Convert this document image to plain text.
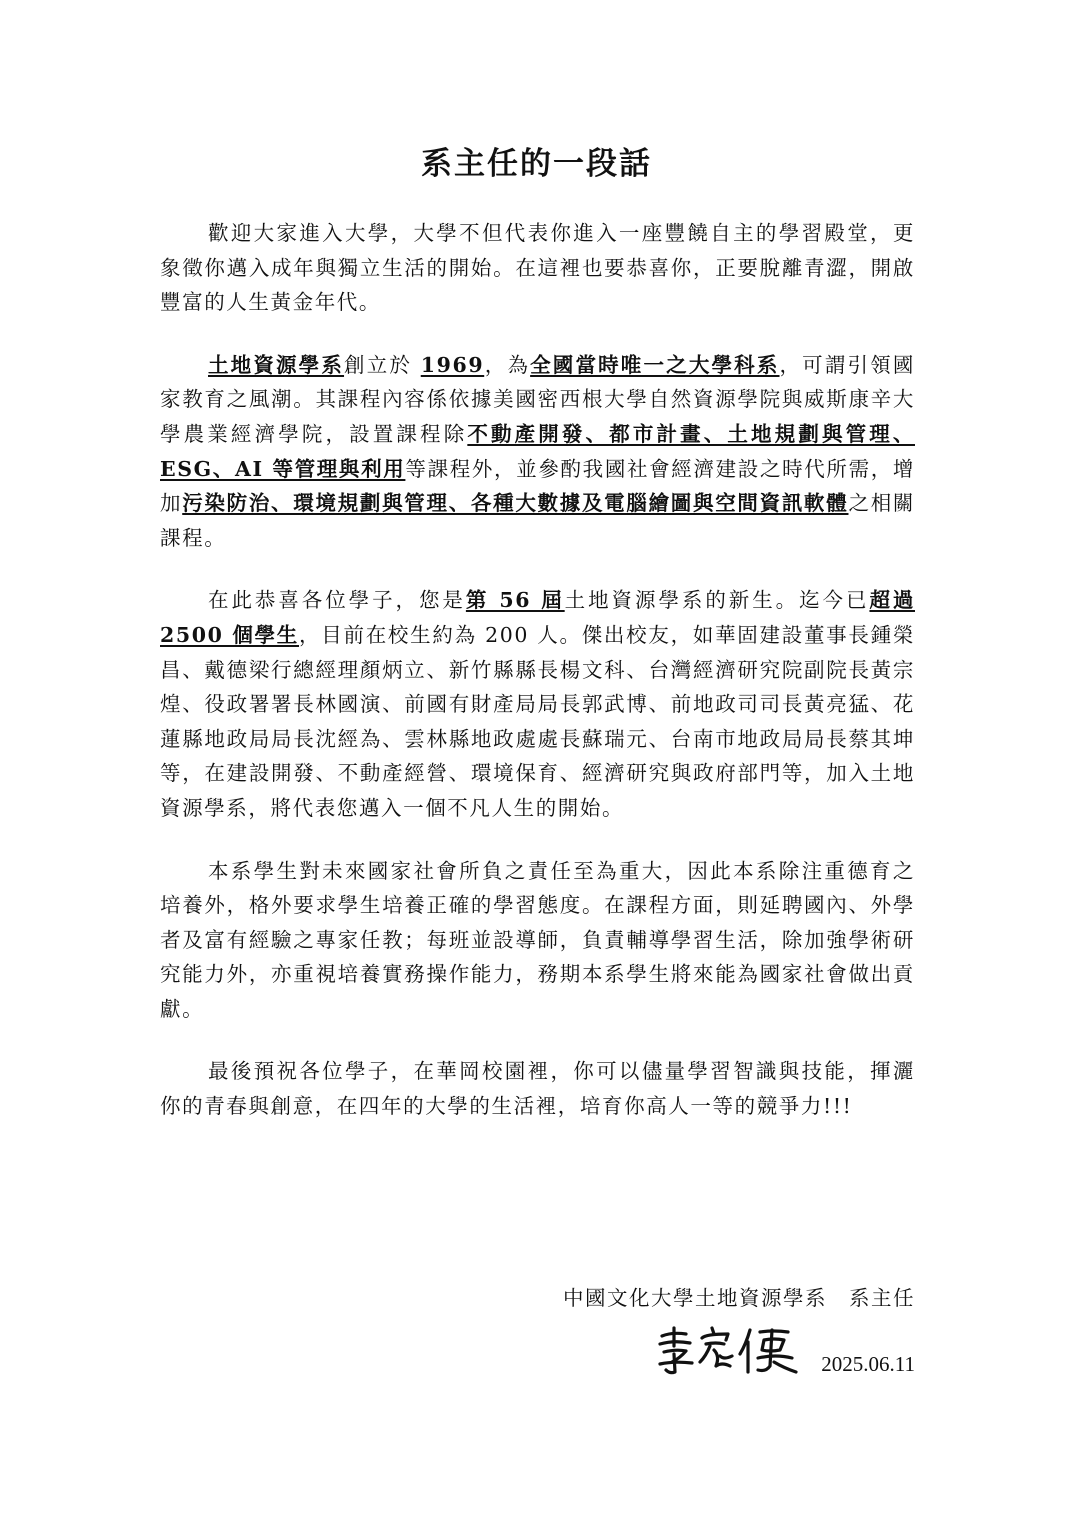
系主任的一段話

歡迎大家進入大學，大學不但代表你進入一座豐饒自主的學習殿堂，更象徵你邁入成年與獨立生活的開始。在這裡也要恭喜你，正要脫離青澀，開啟豐富的人生黃金年代。

土地資源學系創立於 1969，為全國當時唯一之大學科系，可謂引領國家教育之風潮。其課程內容係依據美國密西根大學自然資源學院與威斯康辛大學農業經濟學院，設置課程除不動產開發、都市計畫、土地規劃與管理、ESG、AI 等管理與利用等課程外，並參酌我國社會經濟建設之時代所需，增加污染防治、環境規劃與管理、各種大數據及電腦繪圖與空間資訊軟體之相關課程。

在此恭喜各位學子，您是第 56 屆土地資源學系的新生。迄今已超過 2500 個學生，目前在校生約為 200 人。傑出校友，如華固建設董事長鍾榮昌、戴德梁行總經理顏炳立、新竹縣縣長楊文科、台灣經濟研究院副院長黃宗煌、役政署署長林國演、前國有財產局局長郭武博、前地政司司長黃亮猛、花蓮縣地政局局長沈經為、雲林縣地政處處長蘇瑞元、台南市地政局局長蔡其坤等，在建設開發、不動產經營、環境保育、經濟研究與政府部門等，加入土地資源學系，將代表您邁入一個不凡人生的開始。

本系學生對未來國家社會所負之責任至為重大，因此本系除注重德育之培養外，格外要求學生培養正確的學習態度。在課程方面，則延聘國內、外學者及富有經驗之專家任教；每班並設導師，負責輔導學習生活，除加強學術研究能力外，亦重視培養實務操作能力，務期本系學生將來能為國家社會做出貢獻。

最後預祝各位學子，在華岡校園裡，你可以儘量學習智識與技能，揮灑你的青春與創意，在四年的大學的生活裡，培育你高人一等的競爭力!!!

中國文化大學土地資源學系　系主任
2025.06.11
